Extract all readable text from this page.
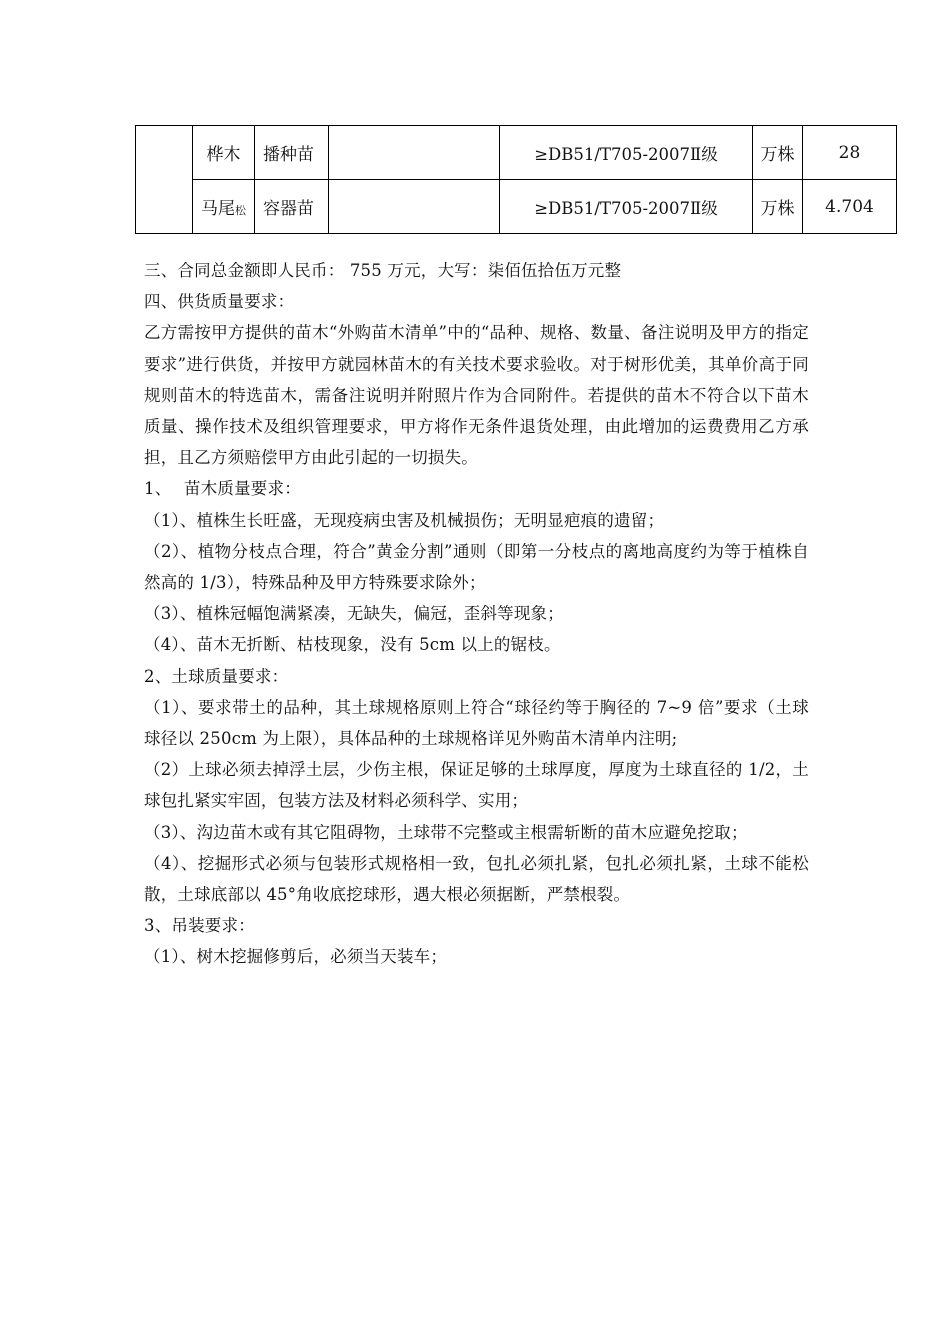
	桦木	播种苗		≥DB51/T705-2007Ⅱ级	万株	28
	马尾松	容器苗		≥DB51/T705-2007Ⅱ级	万株	4.704

三、合同总金额即人民币： 755 万元，大写：柒佰伍拾伍万元整

四、供货质量要求：

乙方需按甲方提供的苗木“外购苗木清单”中的“品种、规格、数量、备注说明及甲方的指定要求”进行供货，并按甲方就园林苗木的有关技术要求验收。对于树形优美，其单价高于同规则苗木的特选苗木，需备注说明并附照片作为合同附件。若提供的苗木不符合以下苗木质量、操作技术及组织管理要求，甲方将作无条件退货处理，由此增加的运费费用乙方承担，且乙方须赔偿甲方由此引起的一切损失。

1、 苗木质量要求：

（1）、植株生长旺盛，无现疫病虫害及机械损伤；无明显疤痕的遗留；

（2）、植物分枝点合理，符合”黄金分割”通则（即第一分枝点的离地高度约为等于植株自然高的 1/3），特殊品种及甲方特殊要求除外；

（3）、植株冠幅饱满紧凑，无缺失，偏冠，歪斜等现象；

（4）、苗木无折断、枯枝现象，没有 5cm 以上的锯枝。

2、土球质量要求：

（1）、要求带土的品种，其土球规格原则上符合“球径约等于胸径的 7~9 倍”要求（土球球径以 250cm 为上限），具体品种的土球规格详见外购苗木清单内注明;

（2）上球必须去掉浮土层，少伤主根，保证足够的土球厚度，厚度为土球直径的 1/2，土球包扎紧实牢固，包装方法及材料必须科学、实用；

（3）、沟边苗木或有其它阻碍物，土球带不完整或主根需斩断的苗木应避免挖取；

（4）、挖掘形式必须与包装形式规格相一致，包扎必须扎紧，包扎必须扎紧，土球不能松散，土球底部以 45°角收底挖球形，遇大根必须据断，严禁根裂。

3、吊装要求：

（1）、树木挖掘修剪后，必须当天装车；
